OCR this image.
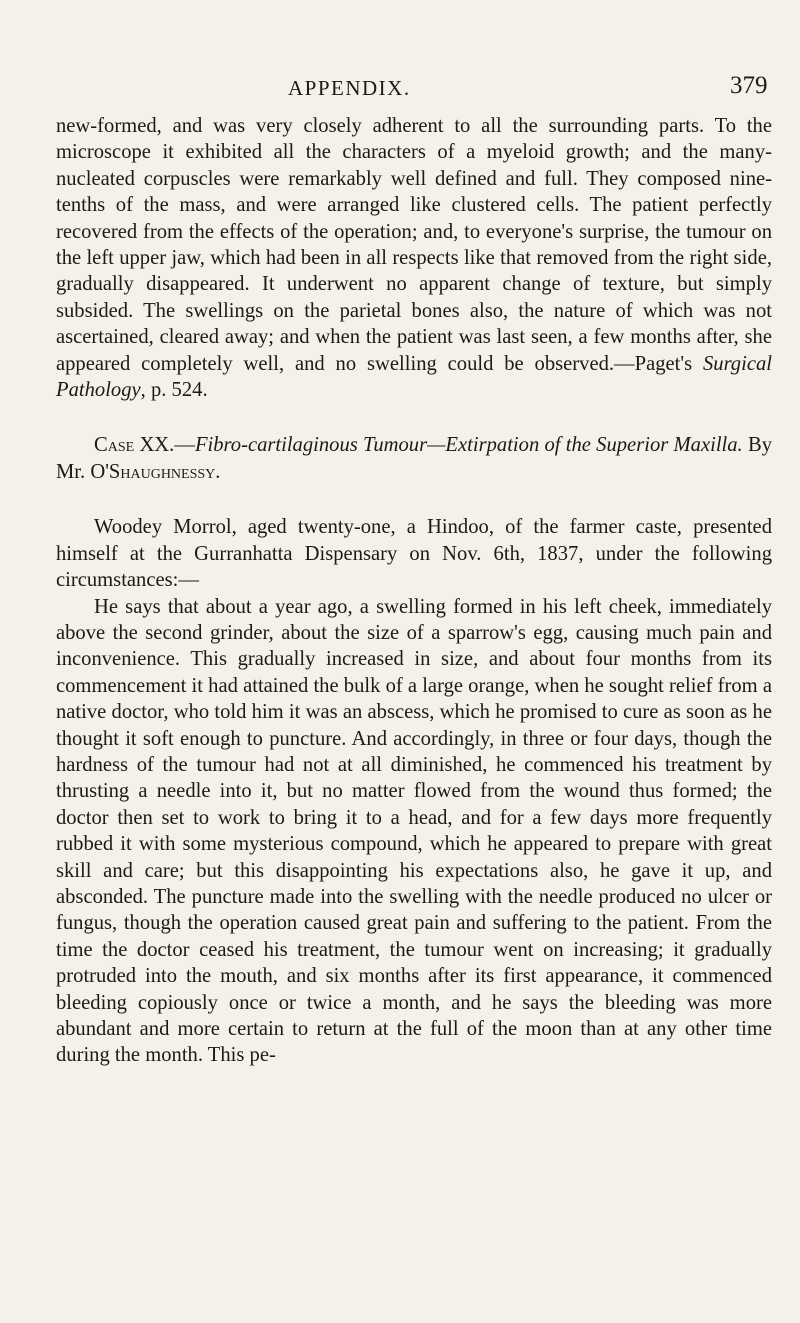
APPENDIX.	379

new-formed, and was very closely adherent to all the surrounding parts. To the microscope it exhibited all the characters of a myeloid growth; and the many-nucleated corpuscles were remarkably well defined and full. They composed nine-tenths of the mass, and were arranged like clustered cells. The patient perfectly recovered from the effects of the operation; and, to everyone's surprise, the tumour on the left upper jaw, which had been in all respects like that removed from the right side, gradually disappeared. It underwent no apparent change of texture, but simply subsided. The swellings on the parietal bones also, the nature of which was not ascertained, cleared away; and when the patient was last seen, a few months after, she appeared completely well, and no swelling could be observed.—Paget's Surgical Pathology, p. 524.

Case XX.—Fibro-cartilaginous Tumour—Extirpation of the Superior Maxilla. By Mr. O'Shaughnessy.

Woodey Morrol, aged twenty-one, a Hindoo, of the farmer caste, presented himself at the Gurranhatta Dispensary on Nov. 6th, 1837, under the following circumstances:—

He says that about a year ago, a swelling formed in his left cheek, immediately above the second grinder, about the size of a sparrow's egg, causing much pain and inconvenience. This gradually increased in size, and about four months from its commencement it had attained the bulk of a large orange, when he sought relief from a native doctor, who told him it was an abscess, which he promised to cure as soon as he thought it soft enough to puncture. And accordingly, in three or four days, though the hardness of the tumour had not at all diminished, he commenced his treatment by thrusting a needle into it, but no matter flowed from the wound thus formed; the doctor then set to work to bring it to a head, and for a few days more frequently rubbed it with some mysterious compound, which he appeared to prepare with great skill and care; but this disappointing his expectations also, he gave it up, and absconded. The puncture made into the swelling with the needle produced no ulcer or fungus, though the operation caused great pain and suffering to the patient. From the time the doctor ceased his treatment, the tumour went on increasing; it gradually protruded into the mouth, and six months after its first appearance, it commenced bleeding copiously once or twice a month, and he says the bleeding was more abundant and more certain to return at the full of the moon than at any other time during the month. This pe-
